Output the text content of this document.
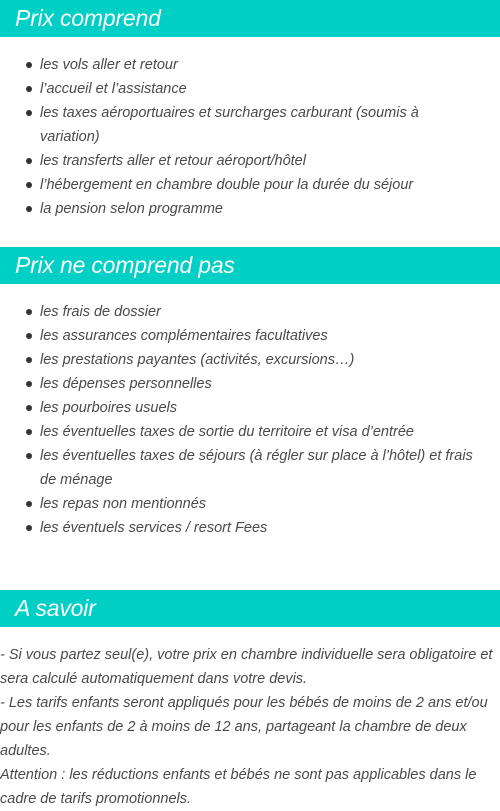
Prix comprend
les vols aller et retour
l’accueil et l’assistance
les taxes aéroportuaires et surcharges carburant (soumis à variation)
les transferts aller et retour aéroport/hôtel
l’hébergement en chambre double pour la durée du séjour
la pension selon programme
Prix ne comprend pas
les frais de dossier
les assurances complémentaires facultatives
les prestations payantes (activités, excursions…)
les dépenses personnelles
les pourboires usuels
les éventuelles taxes de sortie du territoire et visa d’entrée
les éventuelles taxes de séjours (à régler sur place à l’hôtel) et frais de ménage
les repas non mentionnés
les éventuels services / resort Fees
A savoir

- Si vous partez seul(e), votre prix en chambre individuelle sera obligatoire et sera calculé automatiquement dans votre devis.

- Les tarifs enfants seront appliqués pour les bébés de moins de 2 ans et/ou pour les enfants de 2 à moins de 12 ans, partageant la chambre de deux adultes.

Attention : les réductions enfants et bébés ne sont pas applicables dans le cadre de tarifs promotionnels.
